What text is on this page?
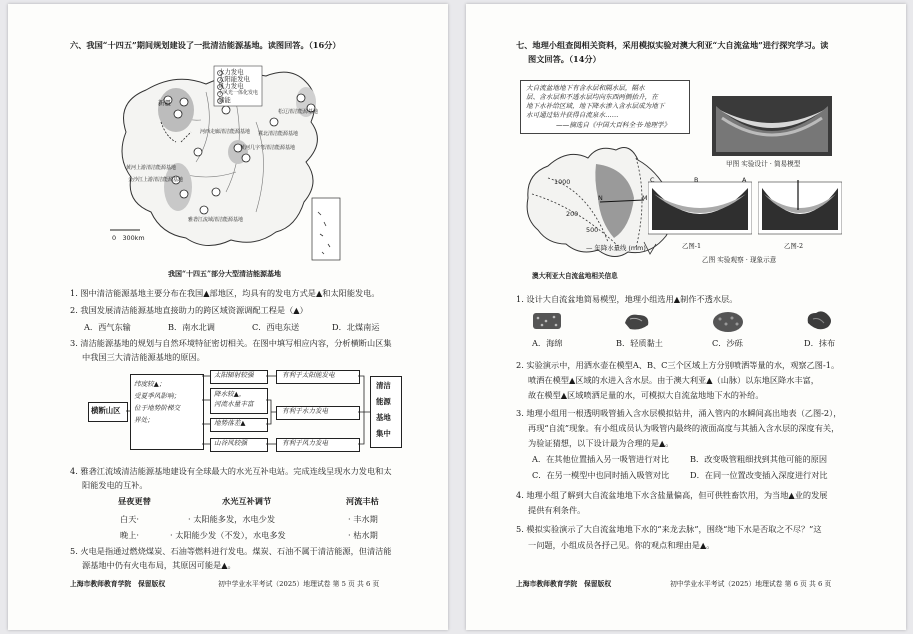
六、我国“十四五”期间规划建设了一批清洁能源基地。读图回答。（16分）
水力发电
太阳能发电
风力发电
水风光一体化发电
储能
新疆
黄河上游清洁能源基地
河西走廊清洁能源基地
金沙江上游清洁能源基地
雅砻江流域清洁能源基地
松辽清洁能源基地
冀北清洁能源基地
黄河几字弯清洁能源基地
0　300km
我国“十四五”部分大型清洁能源基地
1. 图中清洁能源基地主要分布在我国▲部地区，均具有的发电方式是▲和太阳能发电。
2. 我国发展清洁能源基地直接助力的跨区域资源调配工程是（▲）
A．西气东输	B．南水北调	C．西电东送	D．北煤南运
3. 清洁能源基地的规划与自然环境特征密切相关。在图中填写相应内容，分析横断山区集
中我国三大清洁能源基地的原因。
横断山区
纬度较▲；
受夏季风影响；
位于地势阶梯交
界处；
太阳辐射较强
降水较▲，
河流水量丰富
地势落差▲
山谷风较强
有利于太阳能发电
有利于水力发电
有利于风力发电
清洁
能源
基地
集中
4. 雅砻江流域清洁能源基地建设有全球最大的水光互补电站。完成连线呈现水力发电和太
阳能发电的互补。
昼夜更替	水光互补调节	河流丰枯
白天·	· 太阳能多发，水电少发	· 丰水期
晚上·	· 太阳能少发（不发），水电多发	· 枯水期
5. 火电是指通过燃烧煤炭、石油等燃料进行发电。煤炭、石油不属于清洁能源，但清洁能
源基地中仍有火电布局，其原因可能是▲。
上海市教师教育学院　保留版权	初中学业水平考试（2025）地理试卷 第 5 页 共 6 页
七、地理小组查阅相关资料，采用模拟实验对澳大利亚“大自流盆地”进行探究学习。读
图文回答。（14分）
大自流盆地地下有含水层和隔水层，隔水
层、含水层和不透水层均向东西两侧抬升，在
地下水补给区域，地下降水渗入含水层成为地下
水可通过钻井获得自流泉水……
——摘选自《中国大百科全书·地理学》
1000
200
500
M
N
— 年降水量线 (mm)
澳大利亚大自流盆地相关信息
甲图 实验设计 · 简易模型
C	B	A
乙图-1	乙图-2
乙图 实验观察 · 现象示意
1. 设计大自流盆地简易模型，地理小组选用▲制作不透水层。
A．海绵	B．轻质黏土	C．沙砾	D．抹布
2. 实验演示中，用洒水壶在模型A、B、C三个区域上方分别喷洒等量的水，观察乙图-1。
喷洒在模型▲区域的水进入含水层。由于澳大利亚▲（山脉）以东地区降水丰富，
故在模型▲区域喷洒足量的水，可模拟大自流盆地地下水的补给。
3. 地理小组用一根透明吸管插入含水层模拟钻井，涌入管内的水瞬间高出地表（乙图-2），
再现“自流”现象。有小组成员认为吸管内最终的液面高度与其插入含水层的深度有关，
为验证猜想，以下设计最为合理的是▲。
A．在其他位置插入另一吸管进行对比	B．改变吸管粗细找到其他可能的原因
C．在另一模型中也同时插入吸管对比	D．在同一位置改变插入深度进行对比
4. 地理小组了解到大自流盆地地下水含盐量偏高，但可供牲畜饮用，为当地▲业的发展
提供有利条件。
5. 模拟实验演示了大自流盆地地下水的“来龙去脉”，围绕“地下水是否取之不尽？”这
一问题，小组成员各抒己见。你的观点和理由是▲。
上海市教师教育学院　保留版权	初中学业水平考试（2025）地理试卷 第 6 页 共 6 页
